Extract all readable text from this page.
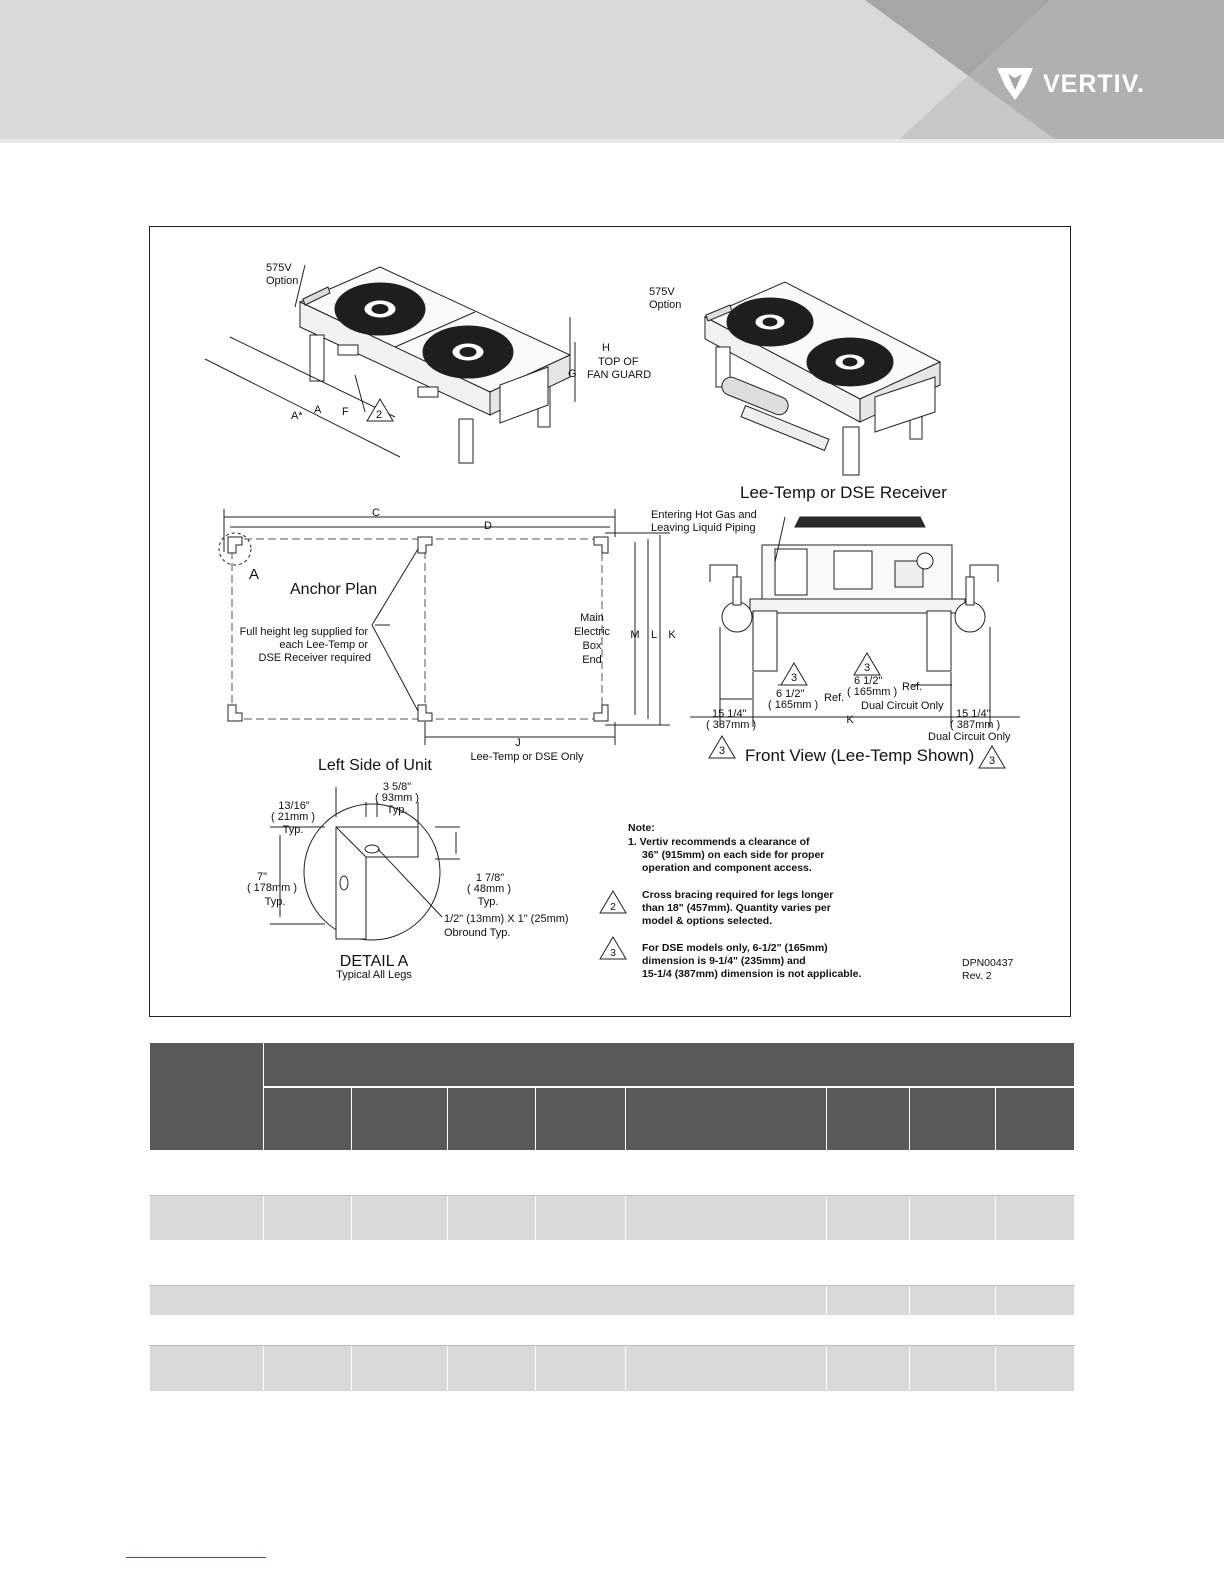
VERTIV.
575V
Option
H
TOP OF
FAN GUARD
G
A* A F 2
575V
Option
Lee-Temp or DSE Receiver
C
D
A
Anchor Plan
Full height leg supplied for
each Lee-Temp or
DSE Receiver required
Main
Electric
Box
End
M L K
J
Lee-Temp or DSE Only
Left Side of Unit
Entering Hot Gas and
Leaving Liquid Piping
3
3
3
3
6 1/2"
( 165mm )
Ref.
6 1/2"
( 165mm ) Ref.
Dual Circuit Only
15 1/4"
( 387mm )
15 1/4"
( 387mm )
Dual Circuit Only
K
Front View (Lee-Temp Shown)
3 5/8"
( 93mm )
Typ.
13/16"
( 21mm )
Typ.
7"
( 178mm )
Typ.
1 7/8"
( 48mm )
Typ.
1/2" (13mm) X 1" (25mm)
Obround Typ.
DETAIL A
Typical All Legs
Note:
1. Vertiv recommends a clearance of
36" (915mm) on each side for proper
operation and component access.
2
Cross bracing required for legs longer
than 18" (457mm). Quantity varies per
model & options selected.
3 For DSE models only, 6-1/2" (165mm)
dimension is 9-1/4" (235mm) and
15-1/4 (387mm) dimension is not applicable.
DPN00437
Rev. 2
